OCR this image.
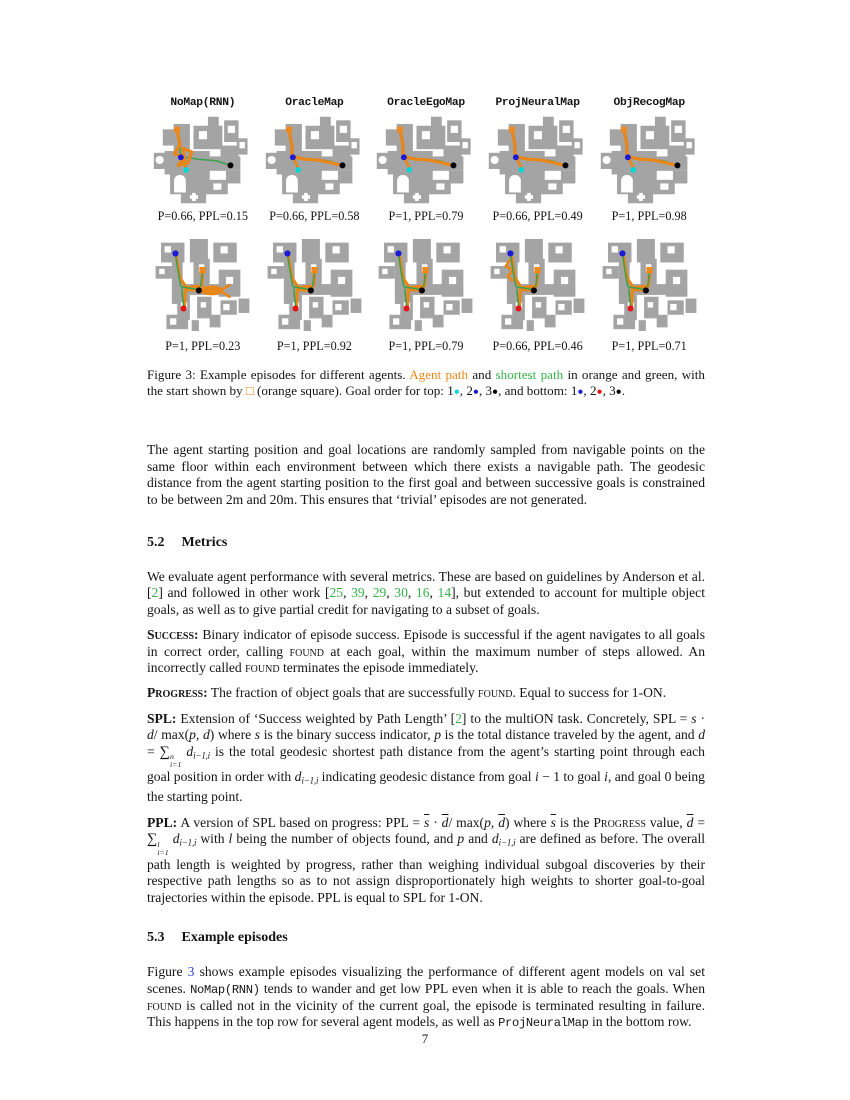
NoMap(RNN)	OracleMap	OracleEgoMap	ProjNeuralMap	ObjRecogMap
P=0.66, PPL=0.15	P=0.66, PPL=0.58	P=1, PPL=0.79	P=0.66, PPL=0.49	P=1, PPL=0.98
P=1, PPL=0.23	P=1, PPL=0.92	P=1, PPL=0.79	P=0.66, PPL=0.46	P=1, PPL=0.71
Figure 3: Example episodes for different agents. Agent path and shortest path in orange and green, with the start shown by □ (orange square). Goal order for top: 1●, 2●, 3●, and bottom: 1●, 2●, 3●.

The agent starting position and goal locations are randomly sampled from navigable points on the same floor within each environment between which there exists a navigable path. The geodesic distance from the agent starting position to the first goal and between successive goals is constrained to be between 2m and 20m. This ensures that ‘trivial’ episodes are not generated.

5.2 Metrics

We evaluate agent performance with several metrics. These are based on guidelines by Anderson et al. [2] and followed in other work [25, 39, 29, 30, 16, 14], but extended to account for multiple object goals, as well as to give partial credit for navigating to a subset of goals.

Success: Binary indicator of episode success. Episode is successful if the agent navigates to all goals in correct order, calling found at each goal, within the maximum number of steps allowed. An incorrectly called found terminates the episode immediately.

Progress: The fraction of object goals that are successfully found. Equal to success for 1-ON.

SPL: Extension of ‘Success weighted by Path Length’ [2] to the multiON task. Concretely, SPL = s · d/ max(p, d) where s is the binary success indicator, p is the total distance traveled by the agent, and d = ∑ n
i=1
di−1,i is the total geodesic shortest path distance from the agent’s starting point through each goal position in order with di−1,i indicating geodesic distance from goal i − 1 to goal i, and goal 0 being the starting point.

PPL: A version of SPL based on progress: PPL = $\overline{s} \cdot \overline{d}/$ max(p, $\overline{d}$) where $\overline{s}$ is the Progress value, $\overline{d}$ = ∑ l
i=1
di−1,i with l being the number of objects found, and p and di−1,i are defined as before. The overall path length is weighted by progress, rather than weighing individual subgoal discoveries by their respective path lengths so as to not assign disproportionately high weights to shorter goal-to-goal trajectories within the episode. PPL is equal to SPL for 1-ON.

5.3 Example episodes

Figure 3 shows example episodes visualizing the performance of different agent models on val set scenes. NoMap(RNN) tends to wander and get low PPL even when it is able to reach the goals. When found is called not in the vicinity of the current goal, the episode is terminated resulting in failure. This happens in the top row for several agent models, as well as ProjNeuralMap in the bottom row.

7
